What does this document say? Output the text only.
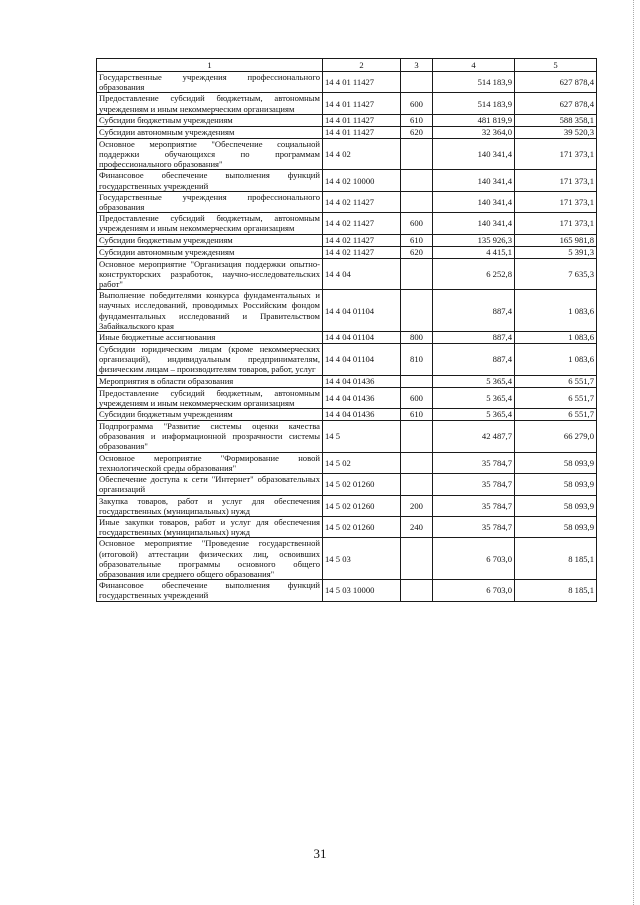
1	2	3	4	5
Государственные учреждения профессионального образования	14 4 01 11427		514 183,9	627 878,4
Предоставление субсидий бюджетным, автономным учреждениям и иным некоммерческим организациям	14 4 01 11427	600	514 183,9	627 878,4
Субсидии бюджетным учреждениям	14 4 01 11427	610	481 819,9	588 358,1
Субсидии автономным учреждениям	14 4 01 11427	620	32 364,0	39 520,3
Основное мероприятие "Обеспечение социальной поддержки обучающихся по программам профессионального образования"	14 4 02		140 341,4	171 373,1
Финансовое обеспечение выполнения функций государственных учреждений	14 4 02 10000		140 341,4	171 373,1
Государственные учреждения профессионального образования	14 4 02 11427		140 341,4	171 373,1
Предоставление субсидий бюджетным, автономным учреждениям и иным некоммерческим организациям	14 4 02 11427	600	140 341,4	171 373,1
Субсидии бюджетным учреждениям	14 4 02 11427	610	135 926,3	165 981,8
Субсидии автономным учреждениям	14 4 02 11427	620	4 415,1	5 391,3
Основное мероприятие "Организация поддержки опытно-конструкторских разработок, научно-исследовательских работ"	14 4 04		6 252,8	7 635,3
Выполнение победителями конкурса фундаментальных и научных исследований, проводимых Российским фондом фундаментальных исследований и Правительством Забайкальского края	14 4 04 01104		887,4	1 083,6
Иные бюджетные ассигнования	14 4 04 01104	800	887,4	1 083,6
Субсидии юридическим лицам (кроме некоммерческих организаций), индивидуальным предпринимателям, физическим лицам – производителям товаров, работ, услуг	14 4 04 01104	810	887,4	1 083,6
Мероприятия в области образования	14 4 04 01436		5 365,4	6 551,7
Предоставление субсидий бюджетным, автономным учреждениям и иным некоммерческим организациям	14 4 04 01436	600	5 365,4	6 551,7
Субсидии бюджетным учреждениям	14 4 04 01436	610	5 365,4	6 551,7
Подпрограмма "Развитие системы оценки качества образования и информационной прозрачности системы образования"	14 5		42 487,7	66 279,0
Основное мероприятие "Формирование новой технологической среды образования"	14 5 02		35 784,7	58 093,9
Обеспечение доступа к сети "Интернет" образовательных организаций	14 5 02 01260		35 784,7	58 093,9
Закупка товаров, работ и услуг для обеспечения государственных (муниципальных) нужд	14 5 02 01260	200	35 784,7	58 093,9
Иные закупки товаров, работ и услуг для обеспечения государственных (муниципальных) нужд	14 5 02 01260	240	35 784,7	58 093,9
Основное мероприятие "Проведение государственной (итоговой) аттестации физических лиц, освоивших образовательные программы основного общего образования или среднего общего образования"	14 5 03		6 703,0	8 185,1
Финансовое обеспечение выполнения функций государственных учреждений	14 5 03 10000		6 703,0	8 185,1
31
